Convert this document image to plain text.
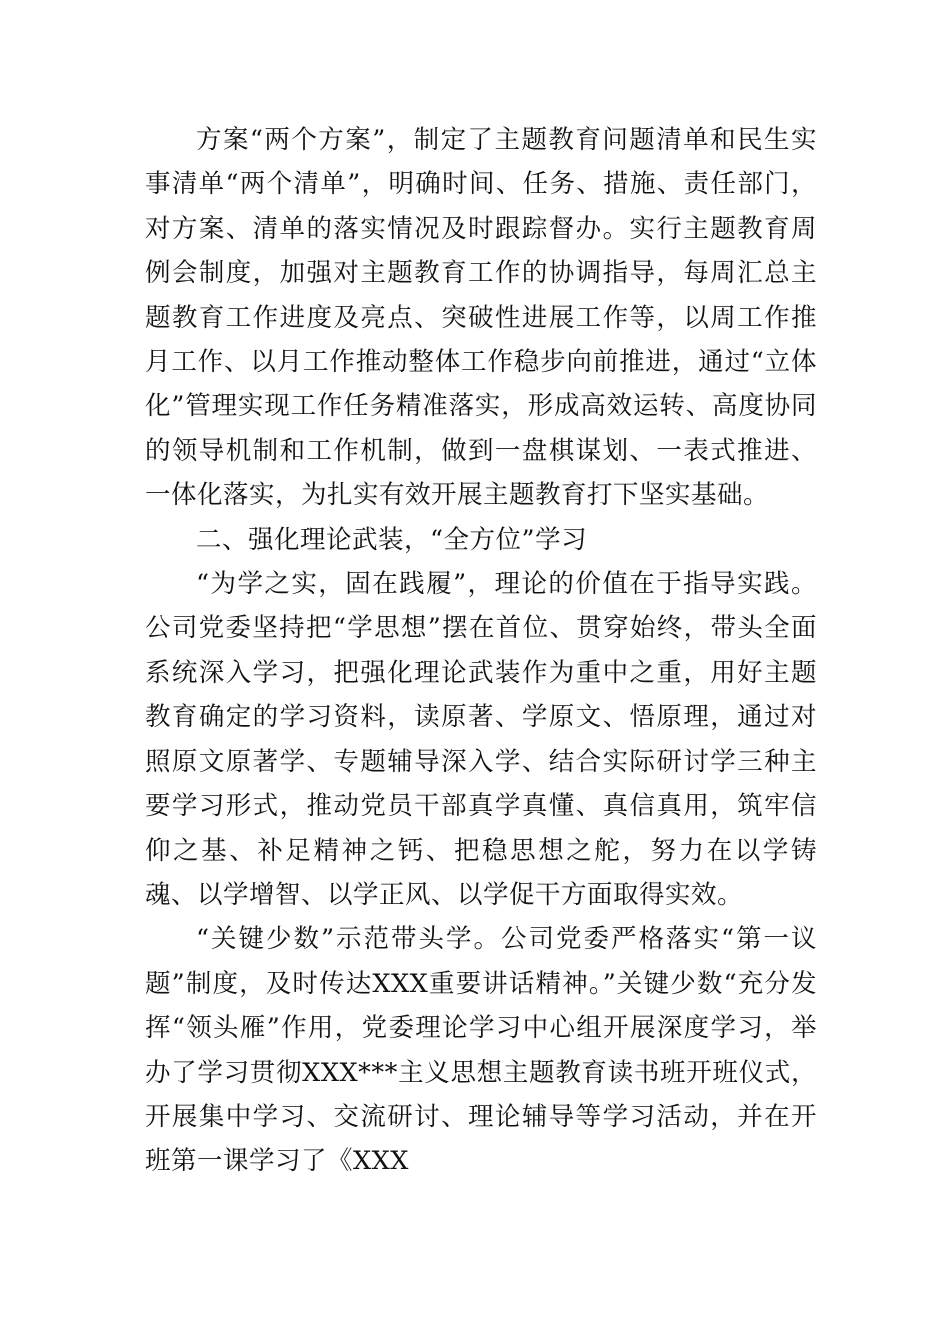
方案“两个方案”，制定了主题教育问题清单和民生实事清单“两个清单”，明确时间、任务、措施、责任部门，对方案、清单的落实情况及时跟踪督办。实行主题教育周例会制度，加强对主题教育工作的协调指导，每周汇总主题教育工作进度及亮点、突破性进展工作等，以周工作推月工作、以月工作推动整体工作稳步向前推进，通过“立体化”管理实现工作任务精准落实，形成高效运转、高度协同的领导机制和工作机制，做到一盘棋谋划、一表式推进、一体化落实，为扎实有效开展主题教育打下坚实基础。

二、强化理论武装，“全方位”学习

“为学之实，固在践履”，理论的价值在于指导实践。公司党委坚持把“学思想”摆在首位、贯穿始终，带头全面系统深入学习，把强化理论武装作为重中之重，用好主题教育确定的学习资料，读原著、学原文、悟原理，通过对照原文原著学、专题辅导深入学、结合实际研讨学三种主要学习形式，推动党员干部真学真懂、真信真用，筑牢信仰之基、补足精神之钙、把稳思想之舵，努力在以学铸魂、以学增智、以学正风、以学促干方面取得实效。

“关键少数”示范带头学。公司党委严格落实“第一议题”制度，及时传达XXX重要讲话精神。”关键少数“充分发挥“领头雁”作用，党委理论学习中心组开展深度学习，举办了学习贯彻XXX***主义思想主题教育读书班开班仪式，开展集中学习、交流研讨、理论辅导等学习活动，并在开班第一课学习了《XXX
